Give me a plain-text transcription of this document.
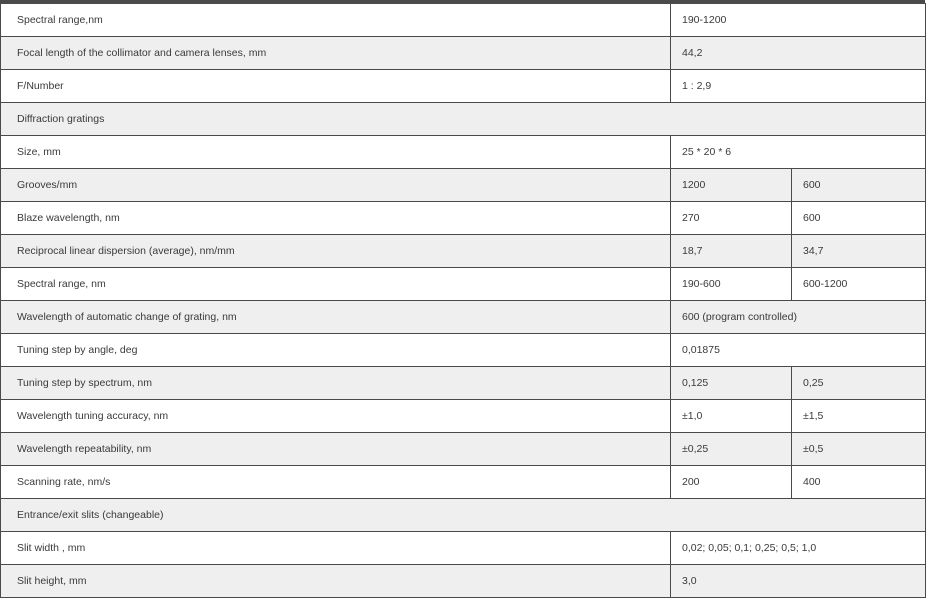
Spectral range,nm	190-1200	
Focal length of the collimator and camera lenses, mm	44,2	
F/Number	1 : 2,9	
Diffraction gratings		
Size, mm	25 * 20 * 6	
Grooves/mm	1200	600
Blaze wavelength, nm	270	600
Reciprocal linear dispersion (average), nm/mm	18,7	34,7
Spectral range, nm	190-600	600-1200
Wavelength of automatic change of grating, nm	600 (program controlled)	
Tuning step by angle, deg	0,01875	
Tuning step by spectrum, nm	0,125	0,25
Wavelength tuning accuracy, nm	±1,0	±1,5
Wavelength repeatability, nm	±0,25	±0,5
Scanning rate, nm/s	200	400
Entrance/exit slits (changeable)		
Slit width , mm	0,02; 0,05; 0,1; 0,25; 0,5; 1,0	
Slit height, mm	3,0	
